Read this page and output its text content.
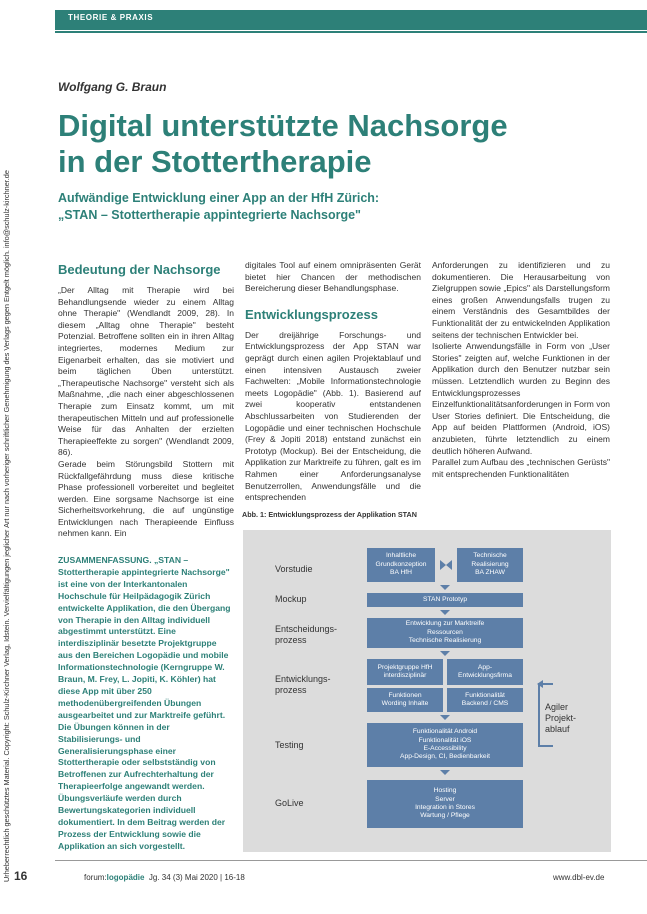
THEORIE & PRAXIS
Urheberrechtlich geschütztes Material. Copyright: Schulz-Kirchner Verlag, Idstein. Vervielfältigungen jeglicher Art nur nach vorheriger schriftlicher Genehmigung des Verlags gegen Entgelt möglich. info@schulz-kirchner.de
Wolfgang G. Braun
Digital unterstützte Nachsorge
in der Stottertherapie
Aufwändige Entwicklung einer App an der HfH Zürich:
„STAN – Stottertherapie appintegrierte Nachsorge"
Bedeutung der Nachsorge

„Der Alltag mit Therapie wird bei Behandlungsende wieder zu einem Alltag ohne Therapie" (Wendlandt 2009, 28). In diesem „Alltag ohne Therapie" besteht Potenzial. Betroffene sollten ein in ihren Alltag integriertes, modernes Medium zur Eigenarbeit erhalten, das sie motiviert und beim täglichen Üben unterstützt. „Therapeutische Nachsorge" versteht sich als Maßnahme, „die nach einer abgeschlossenen Therapie zum Einsatz kommt, um mit therapeutischen Mitteln und auf professionelle Weise für das Anhalten der erzielten Therapieeffekte zu sorgen" (Wendlandt 2009, 86).

Gerade beim Störungsbild Stottern mit Rückfallgefährdung muss diese kritische Phase professionell vorbereitet und begleitet werden. Eine sorgsame Nachsorge ist eine Sicherheitsvorkehrung, die auf ungünstige Entwicklungen nach Therapieende Einfluss nehmen kann. Ein

digitales Tool auf einem omnipräsenten Gerät bietet hier Chancen der methodischen Bereicherung dieser Behandlungsphase.

Entwicklungsprozess

Der dreijährige Forschungs- und Entwicklungsprozess der App STAN war geprägt durch einen agilen Projektablauf und einen intensiven Austausch zweier Fachwelten: „Mobile Informationstechnologie meets Logopädie" (Abb. 1). Basierend auf zwei kooperativ entstandenen Abschlussarbeiten von Studierenden der Logopädie und einer technischen Hochschule (Frey & Jopiti 2018) entstand zunächst ein Prototyp (Mockup). Bei der Entscheidung, die Applikation zur Marktreife zu führen, galt es im Rahmen einer Anforderungsanalyse Benutzerrollen, Anwendungsfälle und die entsprechenden

Anforderungen zu identifizieren und zu dokumentieren. Die Herausarbeitung von Zielgruppen sowie „Epics" als Darstellungsform eines großen Anwendungsfalls trugen zu einem Verständnis des Gesamtbildes der Funktionalität der zu entwickelnden Applikation seitens der technischen Entwickler bei.

Isolierte Anwendungsfälle in Form von „User Stories" zeigten auf, welche Funktionen in der Applikation durch den Benutzer nutzbar sein müssen. Letztendlich wurden zu Beginn des Entwicklungsprozesses Einzelfunktionalitätsanforderungen in Form von User Stories definiert. Die Entscheidung, die App auf beiden Plattformen (Android, iOS) anzubieten, führte letztendlich zu einem deutlich höheren Aufwand.

Parallel zum Aufbau des „technischen Gerüsts" mit entsprechenden Funktionalitäten

ZUSAMMENFASSUNG. „STAN – Stottertherapie appintegrierte Nachsorge" ist eine von der Interkantonalen Hochschule für Heilpädagogik Zürich entwickelte Applikation, die den Übergang von Therapie in den Alltag individuell abgestimmt unterstützt. Eine interdisziplinär besetzte Projektgruppe aus den Bereichen Logopädie und mobile Informationstechnologie (Kerngruppe W. Braun, M. Frey, L. Jopiti, K. Köhler) hat diese App mit über 250 methodenübergreifenden Übungen ausgearbeitet und zur Marktreife geführt. Die Übungen können in der Stabilisierungs- und Generalisierungsphase einer Stottertherapie oder selbstständig von Betroffenen zur Aufrechterhaltung der Therapieerfolge angewandt werden. Übungsverläufe werden durch Bewertungskategorien individuell dokumentiert. In dem Beitrag werden der Prozess der Entwicklung sowie die Applikation an sich vorgestellt.
Abb. 1: Entwicklungsprozess der Applikation STAN
Vorstudie
Mockup
Entscheidungs-
prozess
Entwicklungs-
prozess
Testing
GoLive
Inhaltliche
Grundkonzeption
BA HfH
Technische
Realisierung
BA ZHAW
STAN Prototyp
Entwicklung zur Marktreife
Ressourcen
Technische Realisierung
Projektgruppe HfH
interdisziplinär
App-
Entwicklungsfirma
Funktionen
Wording Inhalte
Funktionalität
Backend / CMS
Funktionalität Android
Funktionalität iOS
E-Accessibility
App-Design, CI, Bedienbarkeit
Hosting
Server
Integration in Stores
Wartung / Pflege
Agiler
Projekt-
ablauf
16	forum:logopädie Jg. 34 (3) Mai 2020 | 16-18	www.dbl-ev.de
